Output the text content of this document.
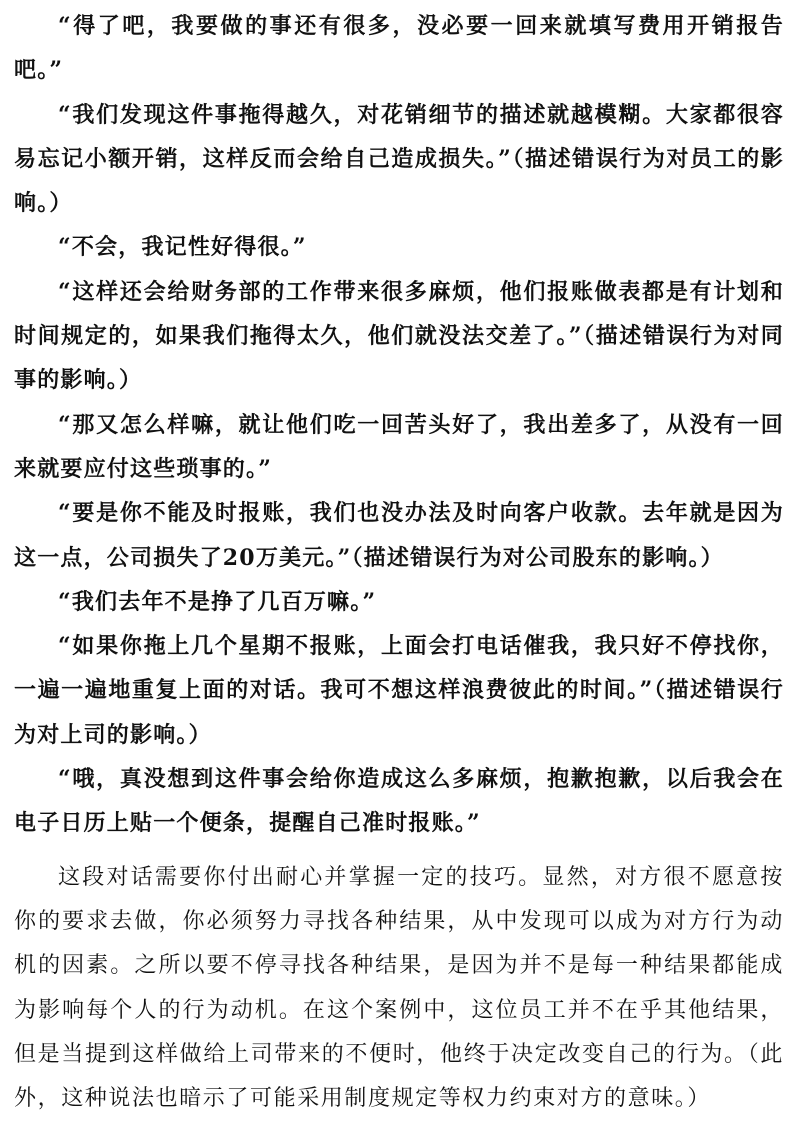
“得了吧，我要做的事还有很多，没必要一回来就填写费用开销报告吧。”

“我们发现这件事拖得越久，对花销细节的描述就越模糊。大家都很容易忘记小额开销，这样反而会给自己造成损失。”（描述错误行为对员工的影响。）

“不会，我记性好得很。”

“这样还会给财务部的工作带来很多麻烦，他们报账做表都是有计划和时间规定的，如果我们拖得太久，他们就没法交差了。”（描述错误行为对同事的影响。）

“那又怎么样嘛，就让他们吃一回苦头好了，我出差多了，从没有一回来就要应付这些琐事的。”

“要是你不能及时报账，我们也没办法及时向客户收款。去年就是因为这一点，公司损失了20万美元。”（描述错误行为对公司股东的影响。）

“我们去年不是挣了几百万嘛。”

“如果你拖上几个星期不报账，上面会打电话催我，我只好不停找你，一遍一遍地重复上面的对话。我可不想这样浪费彼此的时间。”（描述错误行为对上司的影响。）

“哦，真没想到这件事会给你造成这么多麻烦，抱歉抱歉，以后我会在电子日历上贴一个便条，提醒自己准时报账。”

这段对话需要你付出耐心并掌握一定的技巧。显然，对方很不愿意按你的要求去做，你必须努力寻找各种结果，从中发现可以成为对方行为动机的因素。之所以要不停寻找各种结果，是因为并不是每一种结果都能成为影响每个人的行为动机。在这个案例中，这位员工并不在乎其他结果，但是当提到这样做给上司带来的不便时，他终于决定改变自己的行为。（此外，这种说法也暗示了可能采用制度规定等权力约束对方的意味。）
